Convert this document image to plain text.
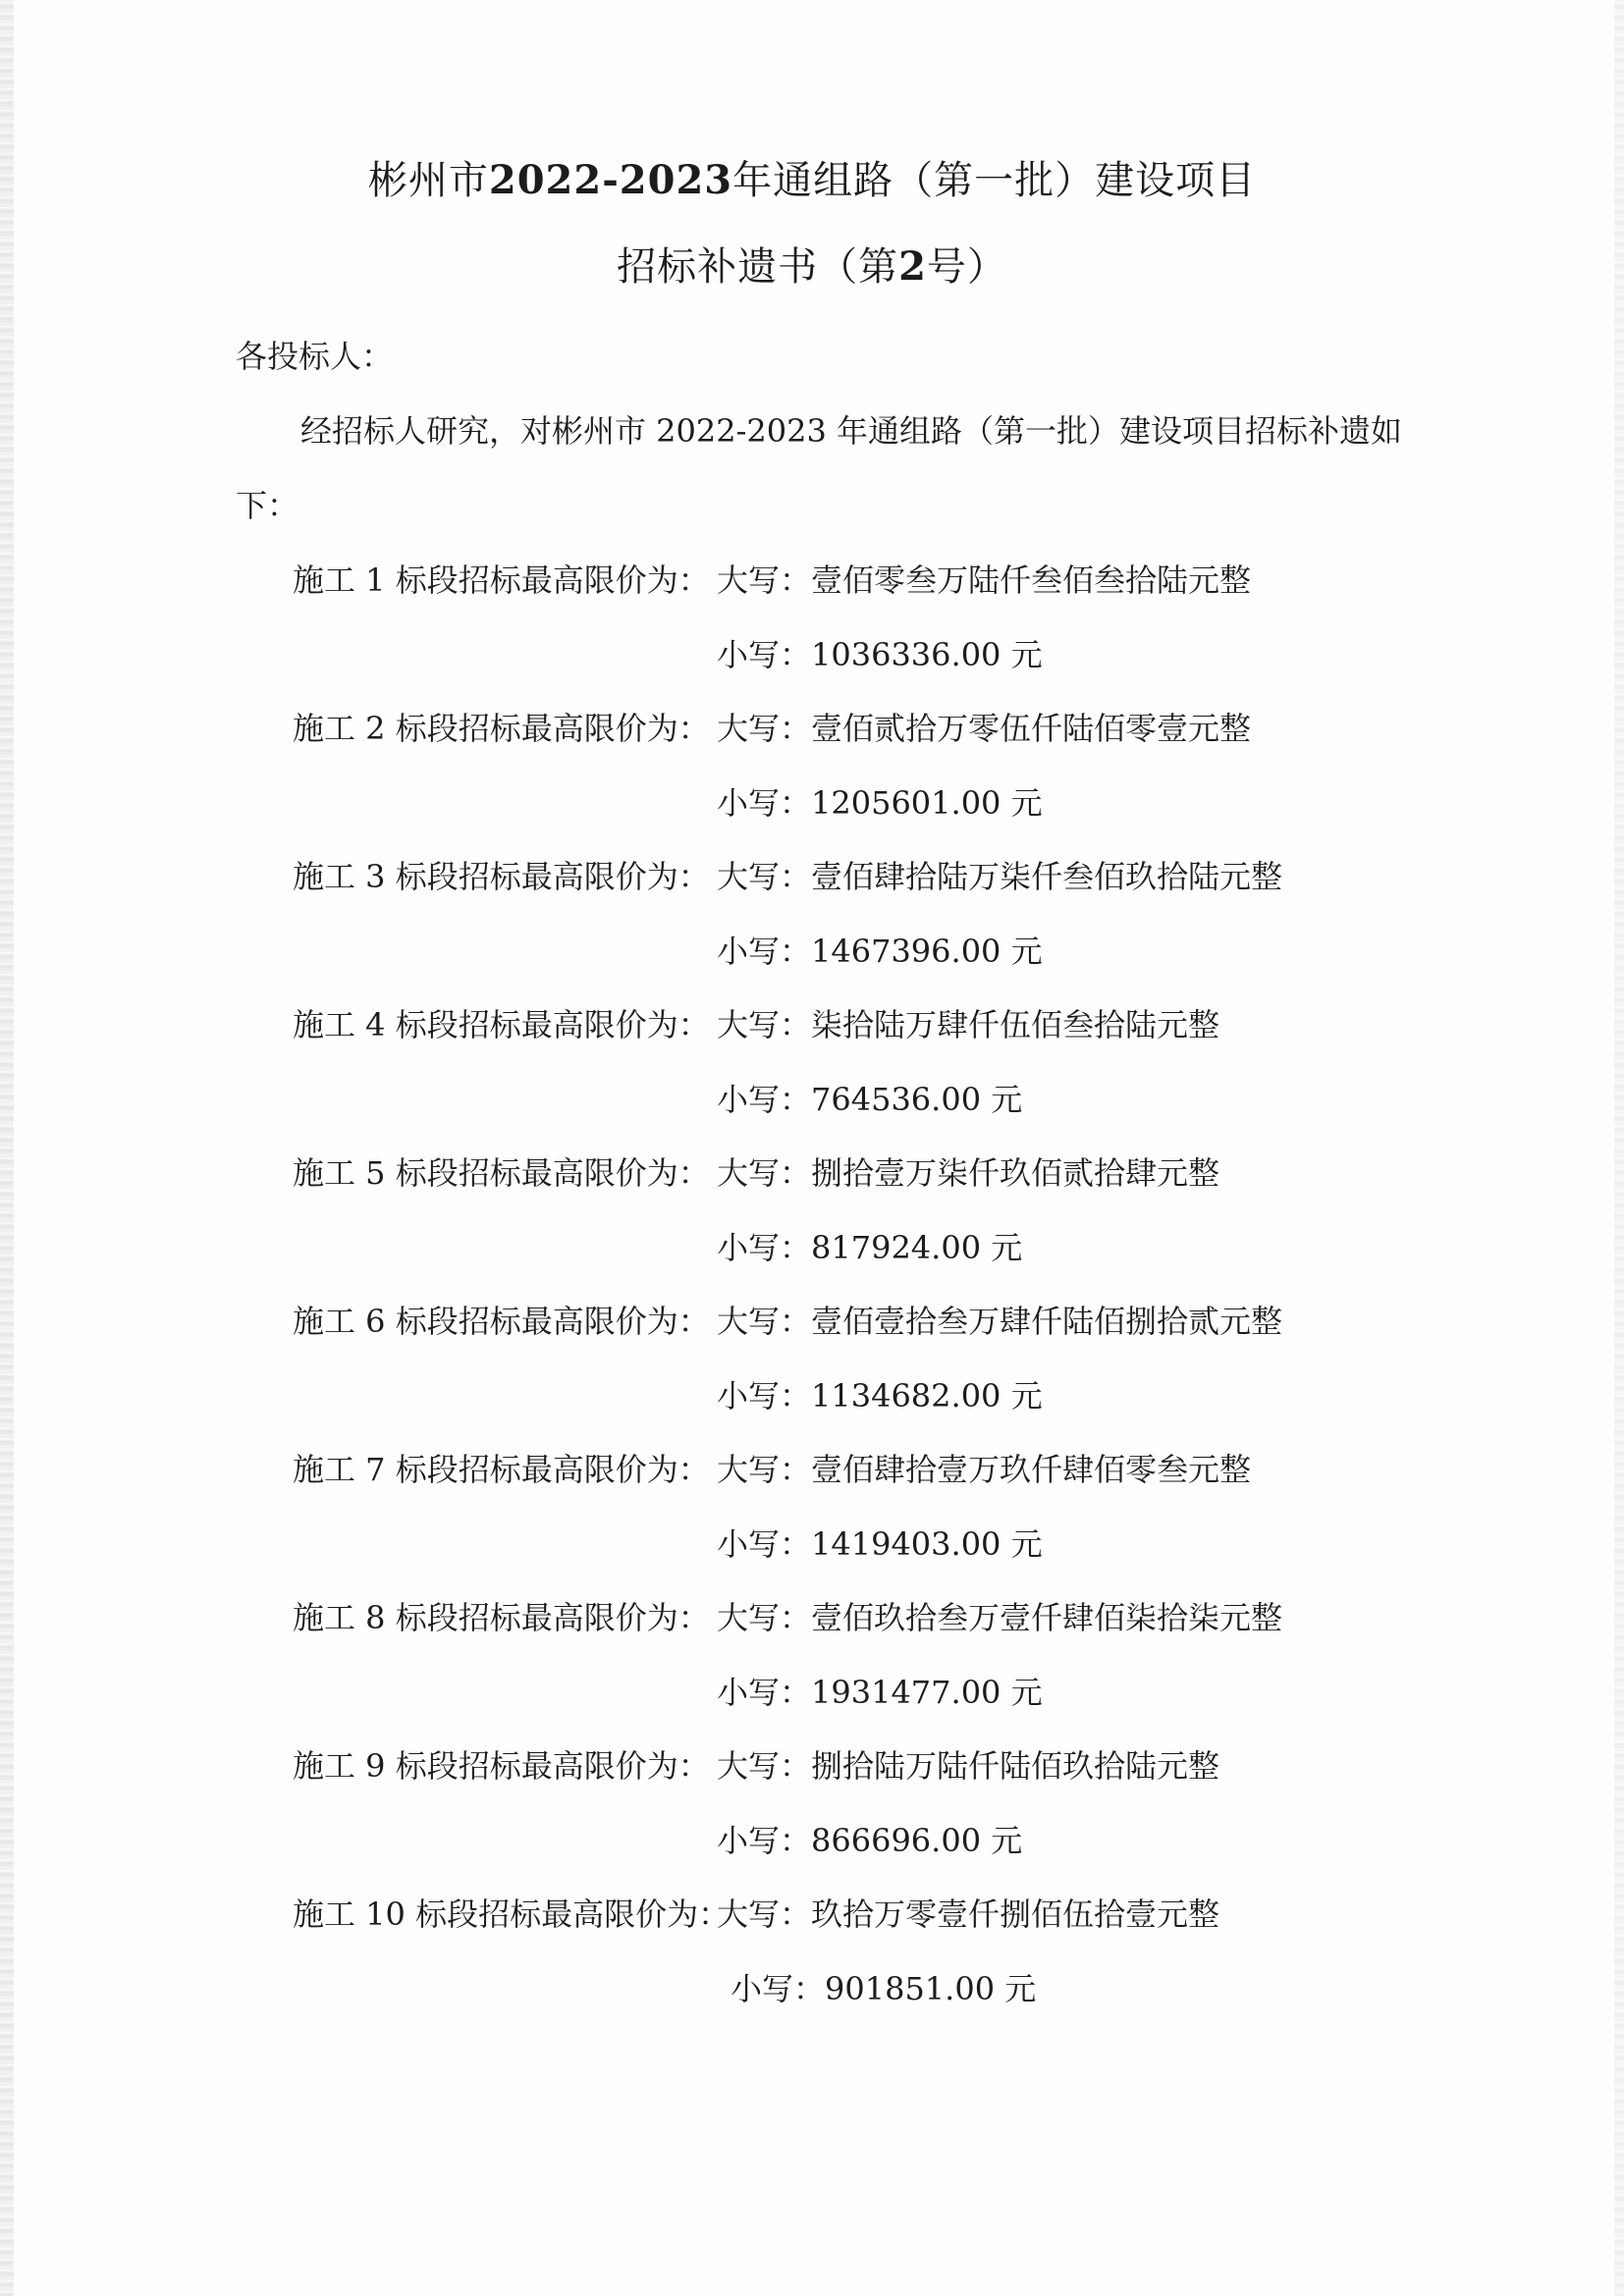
彬州市2022-2023年通组路（第一批）建设项目
招标补遗书（第2号）
各投标人：
经招标人研究，对彬州市 2022-2023 年通组路（第一批）建设项目招标补遗如
下：
施工 1 标段招标最高限价为： 大写：壹佰零叁万陆仟叁佰叁拾陆元整
小写：1036336.00 元
施工 2 标段招标最高限价为： 大写：壹佰贰拾万零伍仟陆佰零壹元整
小写：1205601.00 元
施工 3 标段招标最高限价为： 大写：壹佰肆拾陆万柒仟叁佰玖拾陆元整
小写：1467396.00 元
施工 4 标段招标最高限价为： 大写：柒拾陆万肆仟伍佰叁拾陆元整
小写：764536.00 元
施工 5 标段招标最高限价为： 大写：捌拾壹万柒仟玖佰贰拾肆元整
小写：817924.00 元
施工 6 标段招标最高限价为： 大写：壹佰壹拾叁万肆仟陆佰捌拾贰元整
小写：1134682.00 元
施工 7 标段招标最高限价为： 大写：壹佰肆拾壹万玖仟肆佰零叁元整
小写：1419403.00 元
施工 8 标段招标最高限价为： 大写：壹佰玖拾叁万壹仟肆佰柒拾柒元整
小写：1931477.00 元
施工 9 标段招标最高限价为： 大写：捌拾陆万陆仟陆佰玖拾陆元整
小写：866696.00 元
施工 10 标段招标最高限价为：
大写：玖拾万零壹仟捌佰伍拾壹元整
小写：901851.00 元
